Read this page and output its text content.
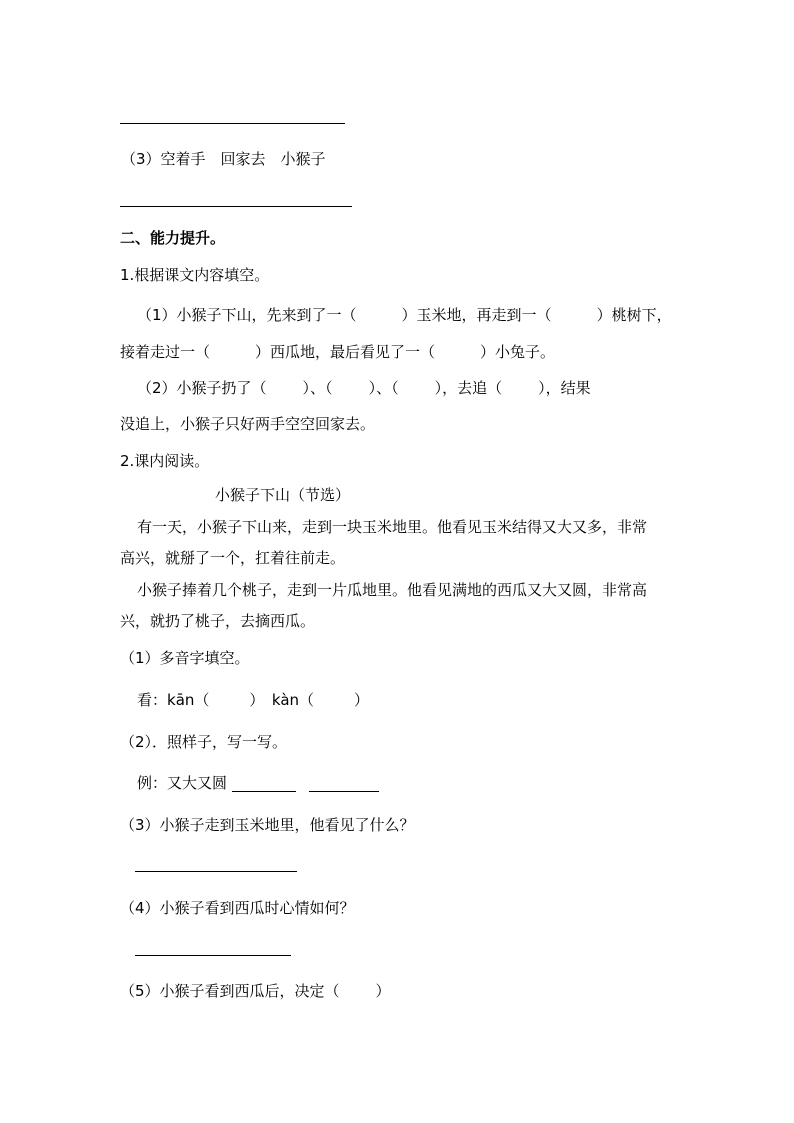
（3）空着手　回家去　小猴子
二、能力提升。
1.根据课文内容填空。
（1）小猴子下山，先来到了一（	）玉米地，再走到一（	）桃树下，
接着走过一（	）西瓜地，最后看见了一（	）小兔子。
（2）小猴子扔了（ ）、（ ）、（ ），去追（ ），结果
没追上，小猴子只好两手空空回家去。
2.课内阅读。
小猴子下山（节选）
有一天，小猴子下山来，走到一块玉米地里。他看见玉米结得又大又多，非常
高兴，就掰了一个，扛着往前走。
小猴子捧着几个桃子，走到一片瓜地里。他看见满地的西瓜又大又圆，非常高
兴，就扔了桃子，去摘西瓜。
（1）多音字填空。
看：kān（	）　kàn（	）
（2）．照样子，写一写。
例：又大又圆
（3）小猴子走到玉米地里，他看见了什么？
（4）小猴子看到西瓜时心情如何？
（5）小猴子看到西瓜后，决定（ ）
